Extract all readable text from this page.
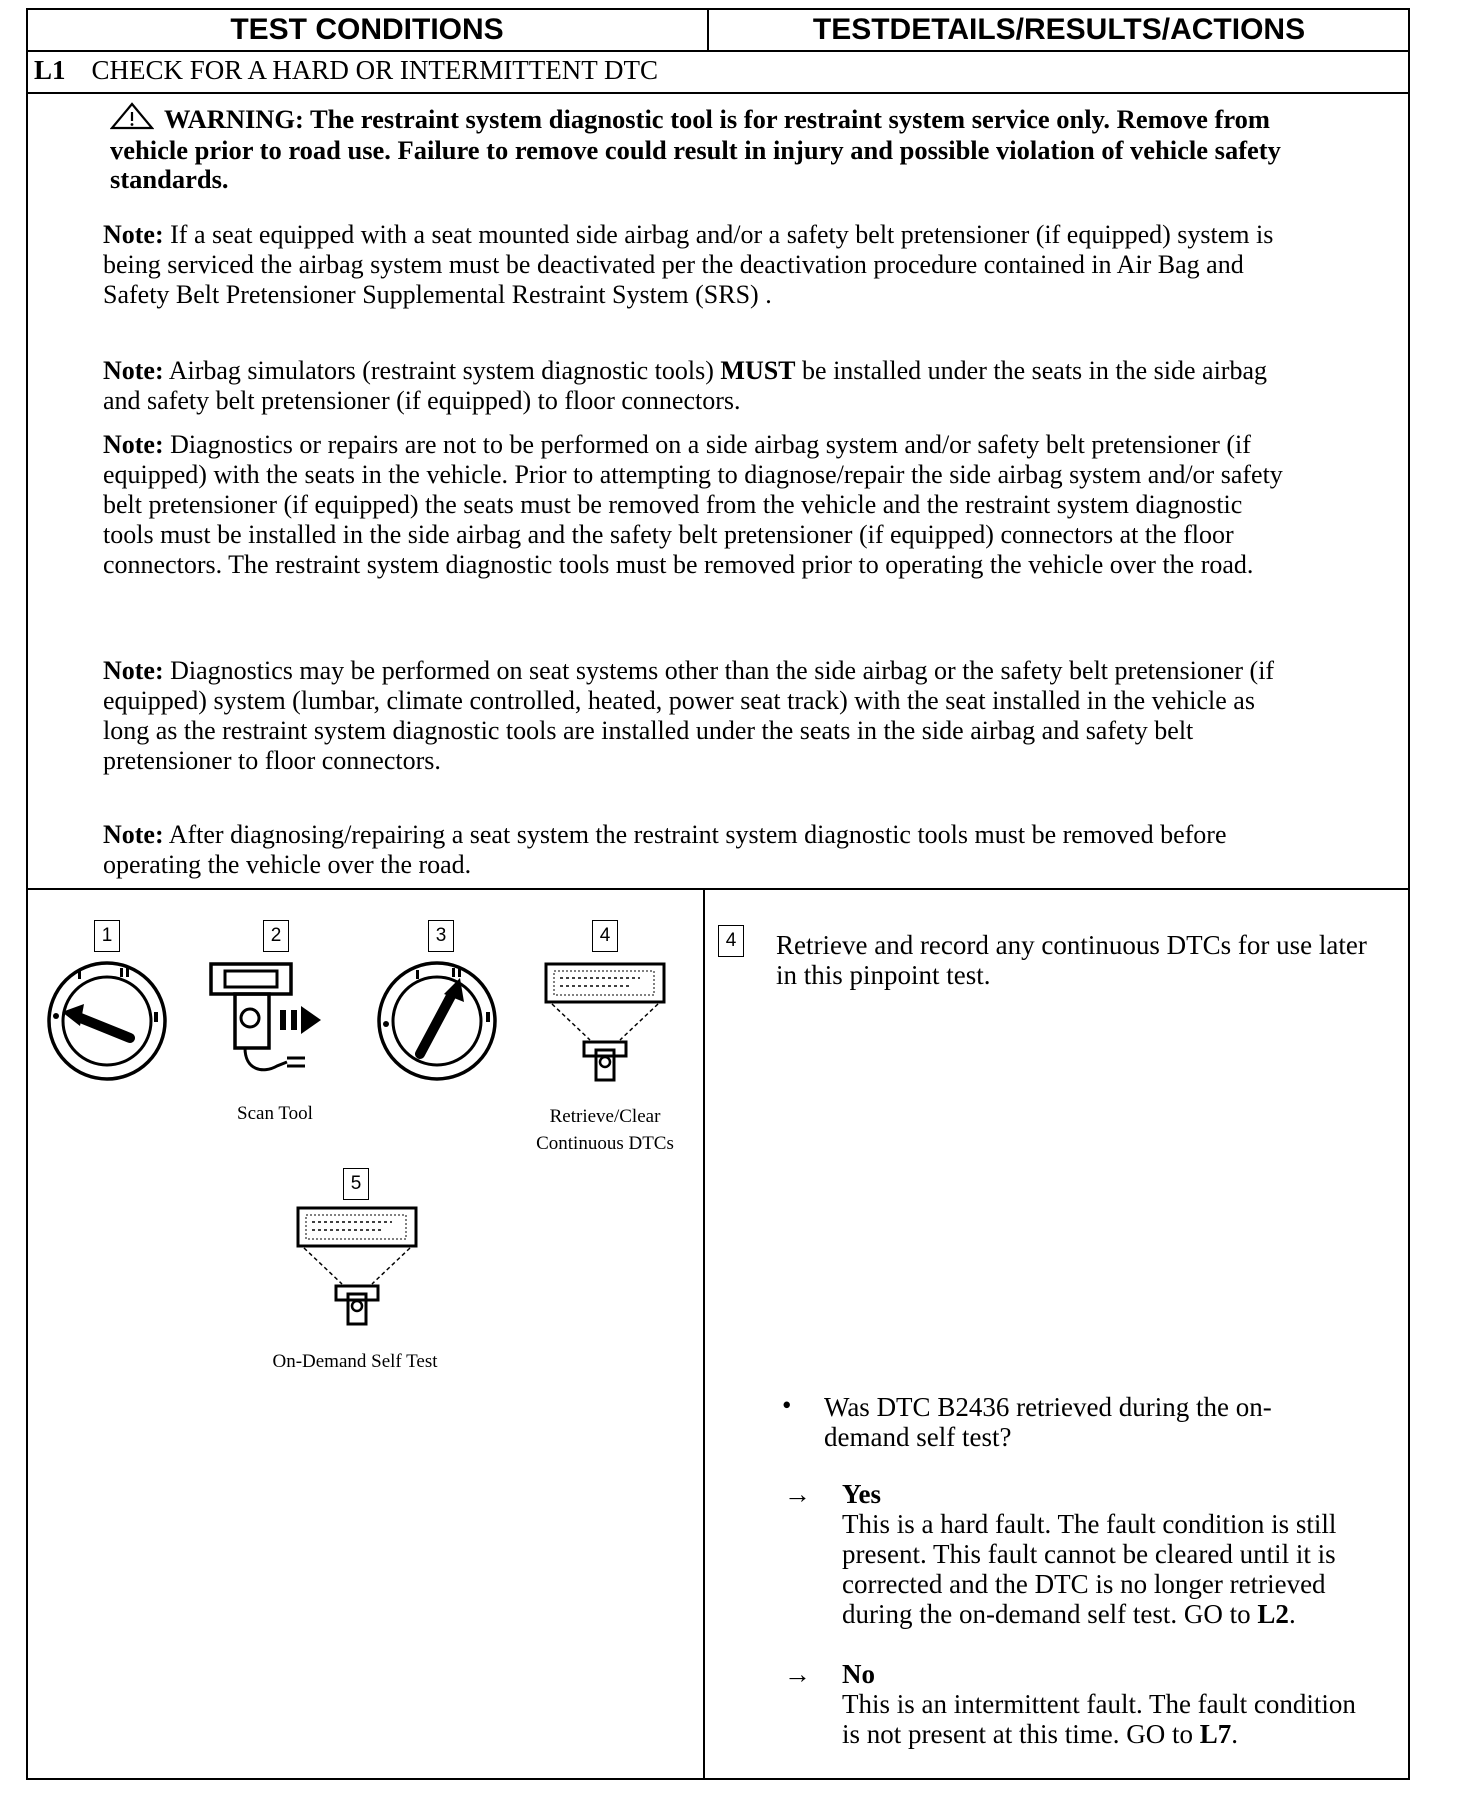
TEST CONDITIONS	TESTDETAILS/RESULTS/ACTIONS
L1 CHECK FOR A HARD OR INTERMITTENT DTC
WARNING: The restraint system diagnostic tool is for restraint system service only. Remove from vehicle prior to road use. Failure to remove could result in injury and possible violation of vehicle safety standards.
Note: If a seat equipped with a seat mounted side airbag and/or a safety belt pretensioner (if equipped) system is being serviced the airbag system must be deactivated per the deactivation procedure contained in Air Bag and Safety Belt Pretensioner Supplemental Restraint System (SRS) .
Note: Airbag simulators (restraint system diagnostic tools) MUST be installed under the seats in the side airbag and safety belt pretensioner (if equipped) to floor connectors.
Note: Diagnostics or repairs are not to be performed on a side airbag system and/or safety belt pretensioner (if equipped) with the seats in the vehicle. Prior to attempting to diagnose/repair the side airbag system and/or safety belt pretensioner (if equipped) the seats must be removed from the vehicle and the restraint system diagnostic tools must be installed in the side airbag and the safety belt pretensioner (if equipped) connectors at the floor connectors. The restraint system diagnostic tools must be removed prior to operating the vehicle over the road.
Note: Diagnostics may be performed on seat systems other than the side airbag or the safety belt pretensioner (if equipped) system (lumbar, climate controlled, heated, power seat track) with the seat installed in the vehicle as long as the restraint system diagnostic tools are installed under the seats in the side airbag and safety belt pretensioner to floor connectors.
Note: After diagnosing/repairing a seat system the restraint system diagnostic tools must be removed before operating the vehicle over the road.
1	2	3	4
5
Scan Tool	Retrieve/Clear
Continuous DTCs
On-Demand Self Test
4 Retrieve and record any continuous DTCs for use later in this pinpoint test.
• Was DTC B2436 retrieved during the on-demand self test?
→ Yes
This is a hard fault. The fault condition is still present. This fault cannot be cleared until it is corrected and the DTC is no longer retrieved during the on-demand self test. GO to L2.
→ No
This is an intermittent fault. The fault condition is not present at this time. GO to L7.
